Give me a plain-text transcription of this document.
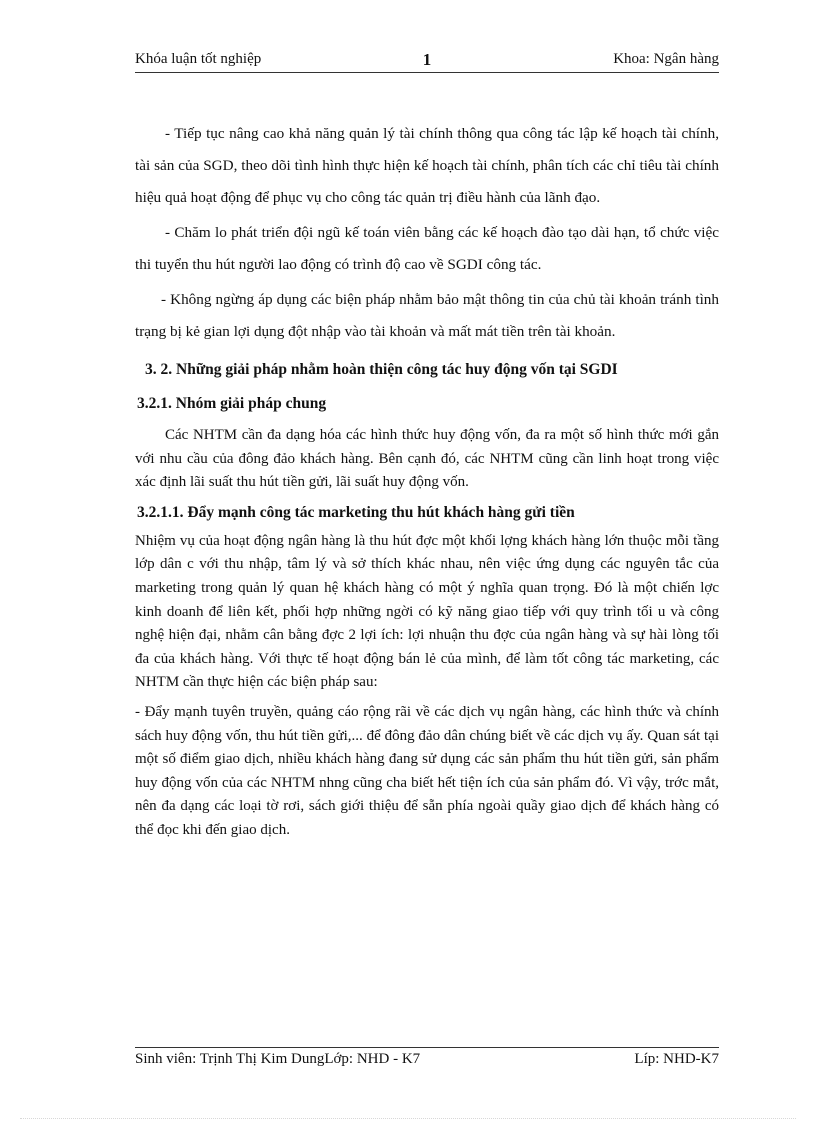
Khóa luận tốt nghiệp	1	Khoa: Ngân hàng

- Tiếp tục nâng cao khả năng quản lý tài chính thông qua công tác lập kế hoạch tài chính, tài sản của SGD, theo dõi tình hình thực hiện kế hoạch tài chính, phân tích các chỉ tiêu tài chính hiệu quả hoạt động để phục vụ cho công tác quản trị điều hành của lãnh đạo.

- Chăm lo phát triển đội ngũ kế toán viên bằng các kế hoạch đào tạo dài hạn, tổ chức việc thi tuyển thu hút người lao động có trình độ cao về SGDI công tác.

- Không ngừng áp dụng các biện pháp nhằm bảo mật thông tin của chủ tài khoản tránh tình trạng bị kẻ gian lợi dụng đột nhập vào tài khoản và mất mát tiền trên tài khoản.

3. 2. Những giải pháp nhằm hoàn thiện công tác huy động vốn tại SGDI
3.2.1. Nhóm giải pháp chung

Các NHTM cần đa dạng hóa các hình thức huy động vốn, đa ra một số hình thức mới gắn với nhu cầu của đông đảo khách hàng. Bên cạnh đó, các NHTM cũng cần linh hoạt trong việc xác định lãi suất thu hút tiền gửi, lãi suất huy động vốn.

3.2.1.1. Đẩy mạnh công tác marketing thu hút khách hàng gửi tiền

Nhiệm vụ của hoạt động ngân hàng là thu hút đợc một khối lợng khách hàng lớn thuộc mỗi tầng lớp dân c với thu nhập, tâm lý và sở thích khác nhau, nên việc ứng dụng các nguyên tắc của marketing trong quản lý quan hệ khách hàng có một ý nghĩa quan trọng. Đó là một chiến lợc kinh doanh để liên kết, phối hợp những ngời có kỹ năng giao tiếp với quy trình tối u và công nghệ hiện đại, nhằm cân bằng đợc 2 lợi ích: lợi nhuận thu đợc của ngân hàng và sự hài lòng tối đa của khách hàng. Với thực tế hoạt động bán lẻ của mình, để làm tốt công tác marketing, các NHTM cần thực hiện các biện pháp sau:

- Đẩy mạnh tuyên truyền, quảng cáo rộng rãi về các dịch vụ ngân hàng, các hình thức và chính sách huy động vốn, thu hút tiền gửi,... để đông đảo dân chúng biết về các dịch vụ ấy. Quan sát tại một số điểm giao dịch, nhiều khách hàng đang sử dụng các sản phẩm thu hút tiền gửi, sản phẩm huy động vốn của các NHTM nhng cũng cha biết hết tiện ích của sản phẩm đó. Vì vậy, trớc mắt, nên đa dạng các loại tờ rơi, sách giới thiệu để sẵn phía ngoài quầy giao dịch để khách hàng có thể đọc khi đến giao dịch.

Sinh viên: Trịnh Thị Kim DungLớp: NHD - K7	Líp: NHD-K7
